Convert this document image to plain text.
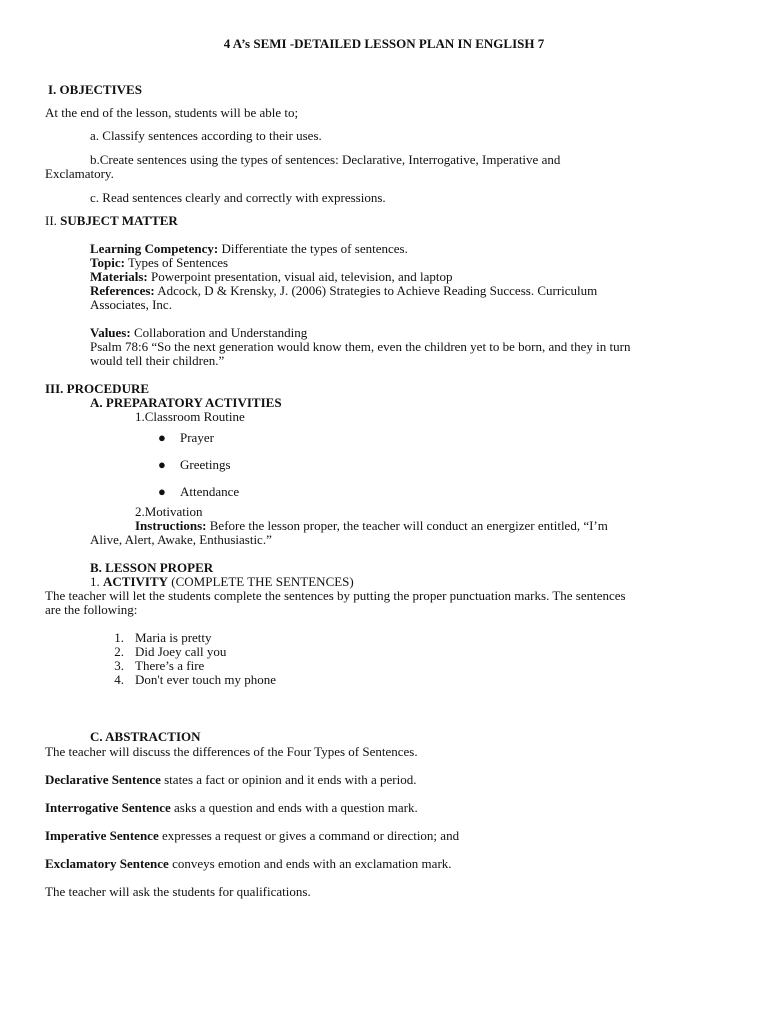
4 A’s SEMI -DETAILED LESSON PLAN IN ENGLISH 7
I. OBJECTIVES
At the end of the lesson, students will be able to;
a. Classify sentences according to their uses.
b.Create sentences using the types of sentences: Declarative, Interrogative, Imperative and
Exclamatory.
c. Read sentences clearly and correctly with expressions.
II. SUBJECT MATTER
Learning Competency: Differentiate the types of sentences.
Topic: Types of Sentences
Materials: Powerpoint presentation, visual aid, television, and laptop
References: Adcock, D & Krensky, J. (2006) Strategies to Achieve Reading Success. Curriculum
Associates, Inc.
Values: Collaboration and Understanding
Psalm 78:6 “So the next generation would know them, even the children yet to be born, and they in turn
would tell their children.”
III. PROCEDURE
A. PREPARATORY ACTIVITIES
1.Classroom Routine
● Prayer
● Greetings
● Attendance
2.Motivation
Instructions: Before the lesson proper, the teacher will conduct an energizer entitled, “I’m
Alive, Alert, Awake, Enthusiastic.”
B. LESSON PROPER
1. ACTIVITY (COMPLETE THE SENTENCES)
The teacher will let the students complete the sentences by putting the proper punctuation marks. The sentences
are the following:
1. Maria is pretty
2. Did Joey call you
3. There’s a fire
4. Don't ever touch my phone
C. ABSTRACTION
The teacher will discuss the differences of the Four Types of Sentences.
Declarative Sentence states a fact or opinion and it ends with a period.
Interrogative Sentence asks a question and ends with a question mark.
Imperative Sentence expresses a request or gives a command or direction; and
Exclamatory Sentence conveys emotion and ends with an exclamation mark.
The teacher will ask the students for qualifications.
